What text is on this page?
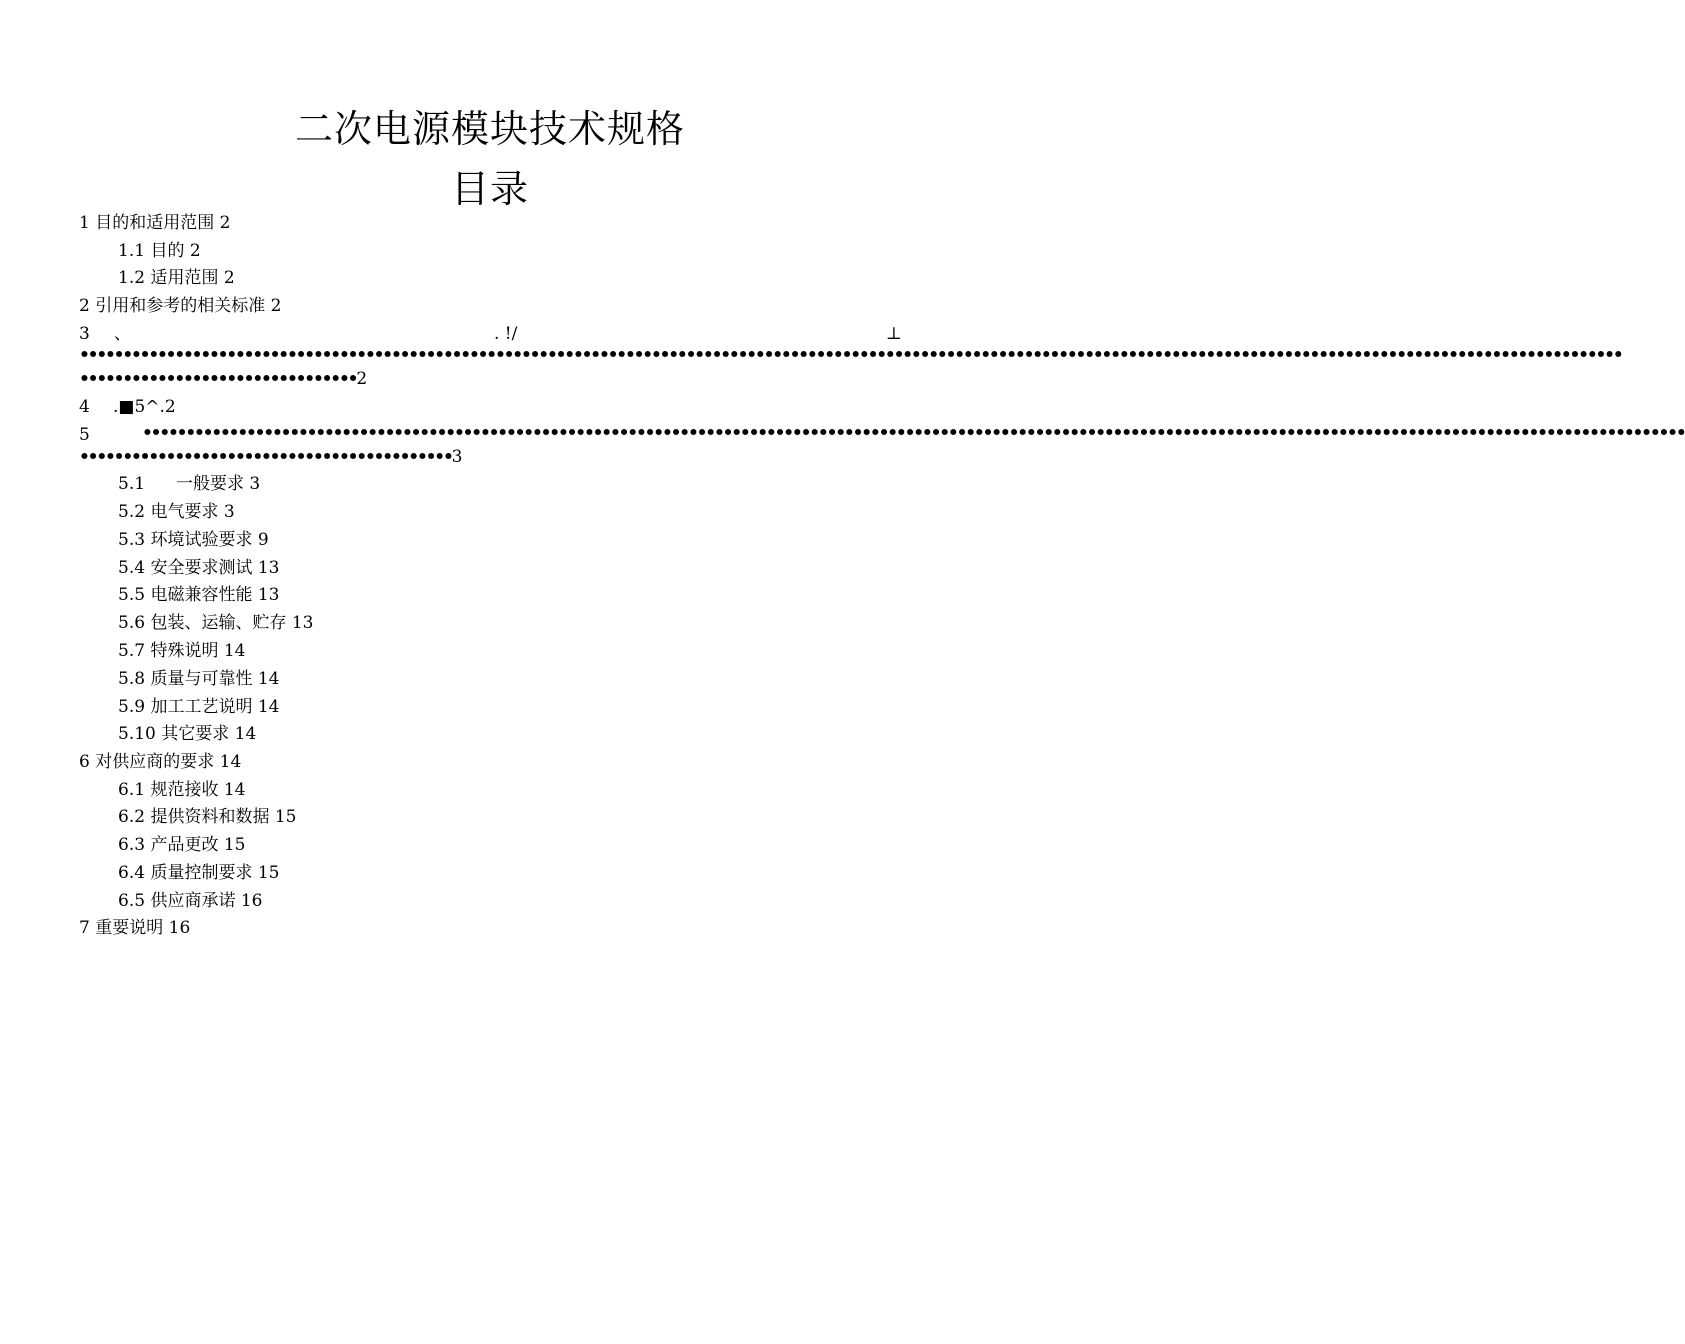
二次电源模块技术规格
目录
1 目的和适用范围 2
1.1 目的 2
1.2 适用范围 2
2 引用和参考的相关标准 2
3 、	. !/	⊥
••••••••••••••••••••••••••••••••••••••••••••••••••••••••••••••••••••••••••••••••••••••••••••••••••••••••••••••••••••••••••••••••••••••••••••••••••••••••••••••••••••••••••••••••••
••••••••••••••••••••••••••••••••2
4 .■5^.2
5	••••••••••••••••••••••••••••••••••••••••••••••••••••••••••••••••••••••••••••••••••••••••••••••••••••••••••••••••••••••••••••••••••••••••••••••••••••••••••••••••••••••••••••••••••
•••••••••••••••••••••••••••••••••••••••••••3
5.1 一般要求 3
5.2 电气要求 3
5.3 环境试验要求 9
5.4 安全要求测试 13
5.5 电磁兼容性能 13
5.6 包装、运输、贮存 13
5.7 特殊说明 14
5.8 质量与可靠性 14
5.9 加工工艺说明 14
5.10 其它要求 14
6 对供应商的要求 14
6.1 规范接收 14
6.2 提供资料和数据 15
6.3 产品更改 15
6.4 质量控制要求 15
6.5 供应商承诺 16
7 重要说明 16
